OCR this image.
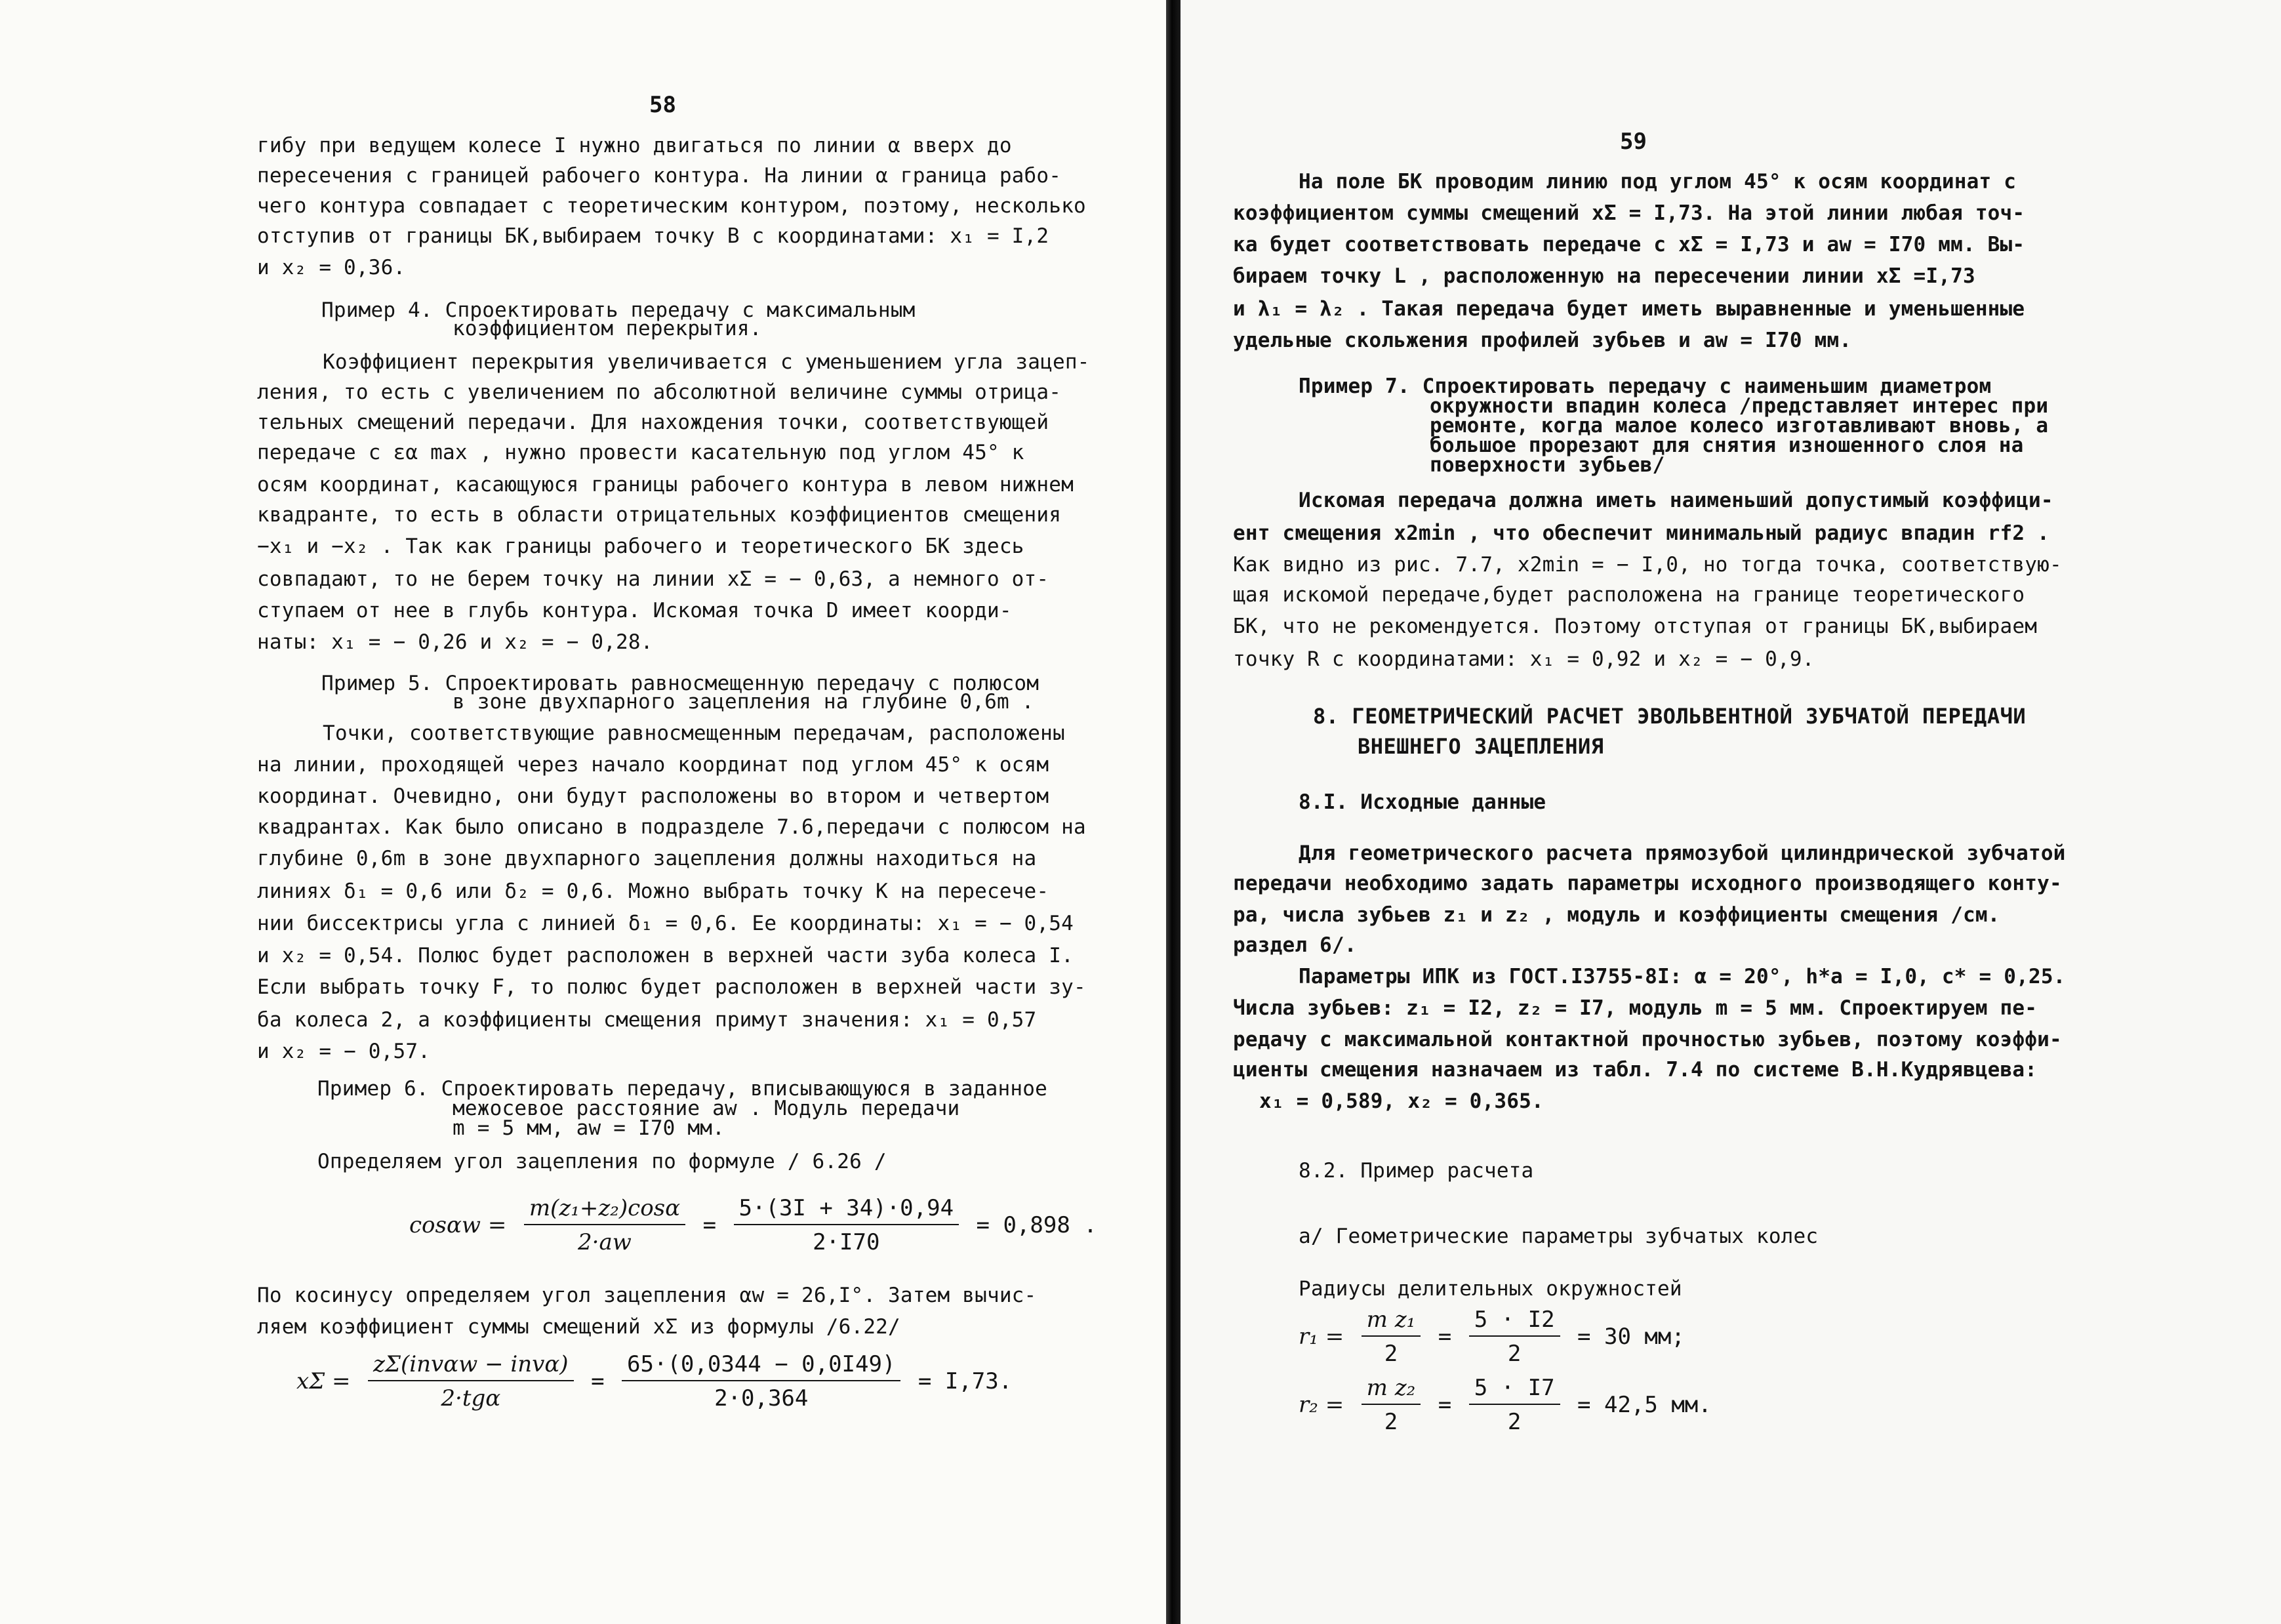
58
гибу при ведущем колесе I нужно двигаться по линии α вверх до
пересечения с границей рабочего контура. На линии α граница рабо-
чего контура совпадает с теоретическим контуром, поэтому, несколько
отступив от границы БК,выбираем точку В с координатами: x₁ = I,2
и x₂ = 0,36.
Пример 4. Спроектировать передачу с максимальным
коэффициентом перекрытия.
Коэффициент перекрытия увеличивается с уменьшением угла зацеп-
ления, то есть с увеличением по абсолютной величине суммы отрица-
тельных смещений передачи. Для нахождения точки, соответствующей
передаче с εα max , нужно провести касательную под углом 45° к
осям координат, касающуюся границы рабочего контура в левом нижнем
квадранте, то есть в области отрицательных коэффициентов смещения
−x₁ и −x₂ . Так как границы рабочего и теоретического БК здесь
совпадают, то не берем точку на линии xΣ = − 0,63, а немного от-
ступаем от нее в глубь контура. Искомая точка D имеет коорди-
наты: x₁ = − 0,26 и x₂ = − 0,28.
Пример 5. Спроектировать равносмещенную передачу с полюсом
в зоне двухпарного зацепления на глубине 0,6m .
Точки, соответствующие равносмещенным передачам, расположены
на линии, проходящей через начало координат под углом 45° к осям
координат. Очевидно, они будут расположены во втором и четвертом
квадрантах. Как было описано в подразделе 7.6,передачи с полюсом на
глубине 0,6m в зоне двухпарного зацепления должны находиться на
линиях δ₁ = 0,6 или δ₂ = 0,6. Можно выбрать точку К на пересече-
нии биссектрисы угла с линией δ₁ = 0,6. Ее координаты: x₁ = − 0,54
и x₂ = 0,54. Полюс будет расположен в верхней части зуба колеса I.
Если выбрать точку F, то полюс будет расположен в верхней части зу-
ба колеса 2, а коэффициенты смещения примут значения: x₁ = 0,57
и x₂ = − 0,57.
Пример 6. Спроектировать передачу, вписывающуюся в заданное
межосевое расстояние aw . Модуль передачи
m = 5 мм, aw = I70 мм.
Определяем угол зацепления по формуле / 6.26 /
$\cos\alpha w = \frac{\text{m(z₁+z₂)cosα}}{2\cdot aw} = \frac{5\cdot(3I + 34)\cdot 0,94}{2\cdot I70} = 0,898$ .
По косинусу определяем угол зацепления αw = 26,I°. Затем вычис-
ляем коэффициент суммы смещений xΣ из формулы /6.22/
$x\Sigma = \frac{\text{zΣ(invαw − invα)}}{\text{2·tgα}} = \frac{65\cdot(0,0344 - 0,0I49)}{2\cdot 0,364} = I,73$.
59
На поле БК проводим линию под углом 45° к осям координат с
коэффициентом суммы смещений xΣ = I,73. На этой линии любая точ-
ка будет соответствовать передаче с xΣ = I,73 и aw = I70 мм. Вы-
бираем точку L , расположенную на пересечении линии xΣ =I,73
и λ₁ = λ₂ . Такая передача будет иметь выравненные и уменьшенные
удельные скольжения профилей зубьев и aw = I70 мм.
Пример 7. Спроектировать передачу с наименьшим диаметром
окружности впадин колеса /представляет интерес при
ремонте, когда малое колесо изготавливают вновь, а
большое прорезают для снятия изношенного слоя на
поверхности зубьев/
Искомая передача должна иметь наименьший допустимый коэффици-
ент смещения x2min , что обеспечит минимальный радиус впадин rf2 .
Как видно из рис. 7.7, x2min = − I,0, но тогда точка, соответствую-
щая искомой передаче,будет расположена на границе теоретического
БК, что не рекомендуется. Поэтому отступая от границы БК,выбираем
точку R с координатами: x₁ = 0,92 и x₂ = − 0,9.
8. ГЕОМЕТРИЧЕСКИЙ РАСЧЕТ ЭВОЛЬВЕНТНОЙ ЗУБЧАТОЙ ПЕРЕДАЧИ
ВНЕШНЕГО ЗАЦЕПЛЕНИЯ
8.I. Исходные данные
Для геометрического расчета прямозубой цилиндрической зубчатой
передачи необходимо задать параметры исходного производящего конту-
ра, числа зубьев z₁ и z₂ , модуль и коэффициенты смещения /см.
раздел 6/.
Параметры ИПК из ГОСТ.I3755-8I: α = 20°, h*a = I,0, c* = 0,25.
Числа зубьев: z₁ = I2, z₂ = I7, модуль m = 5 мм. Спроектируем пе-
редачу с максимальной контактной прочностью зубьев, поэтому коэффи-
циенты смещения назначаем из табл. 7.4 по системе В.Н.Кудрявцева:
x₁ = 0,589, x₂ = 0,365.
8.2. Пример расчета
а/ Геометрические параметры зубчатых колес
Радиусы делительных окружностей
$r_1 = \frac{\text{m z₁}}{2} = \frac{5 \cdot I2}{2} = 30$ мм;
$r_2 = \frac{\text{m z₂}}{2} = \frac{5 \cdot I7}{2} = 42,5$ мм.
